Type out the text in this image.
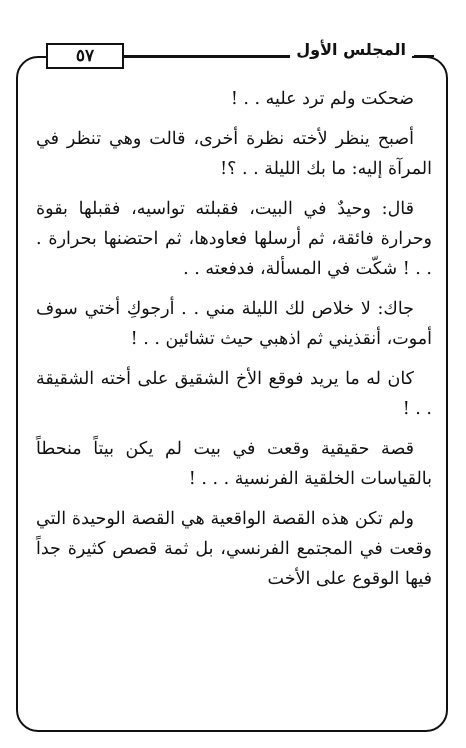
٥٧	المجلس الأول

ضحكت ولم ترد عليه . . !

أصبح ينظر لأخته نظرة أخرى، قالت وهي تنظر في المرآة إليه: ما بك الليلة . . ؟!

قال: وحيدٌ في البيت، فقبلته تواسيه، فقبلها بقوة وحرارة فائقة، ثم أرسلها فعاودها، ثم احتضنها بحرارة . . . ! شكّت في المسألة، فدفعته . .

جاك: لا خلاص لك الليلة مني . . أرجوكِ أختي سوف أموت، أنقذيني ثم اذهبي حيث تشائين . . !

كان له ما يريد فوقع الأخ الشقيق على أخته الشقيقة . . !

قصة حقيقية وقعت في بيت لم يكن بيتاً منحطاً بالقياسات الخلقية الفرنسية . . . !

ولم تكن هذه القصة الواقعية هي القصة الوحيدة التي وقعت في المجتمع الفرنسي، بل ثمة قصص كثيرة جداً فيها الوقوع على الأخت
